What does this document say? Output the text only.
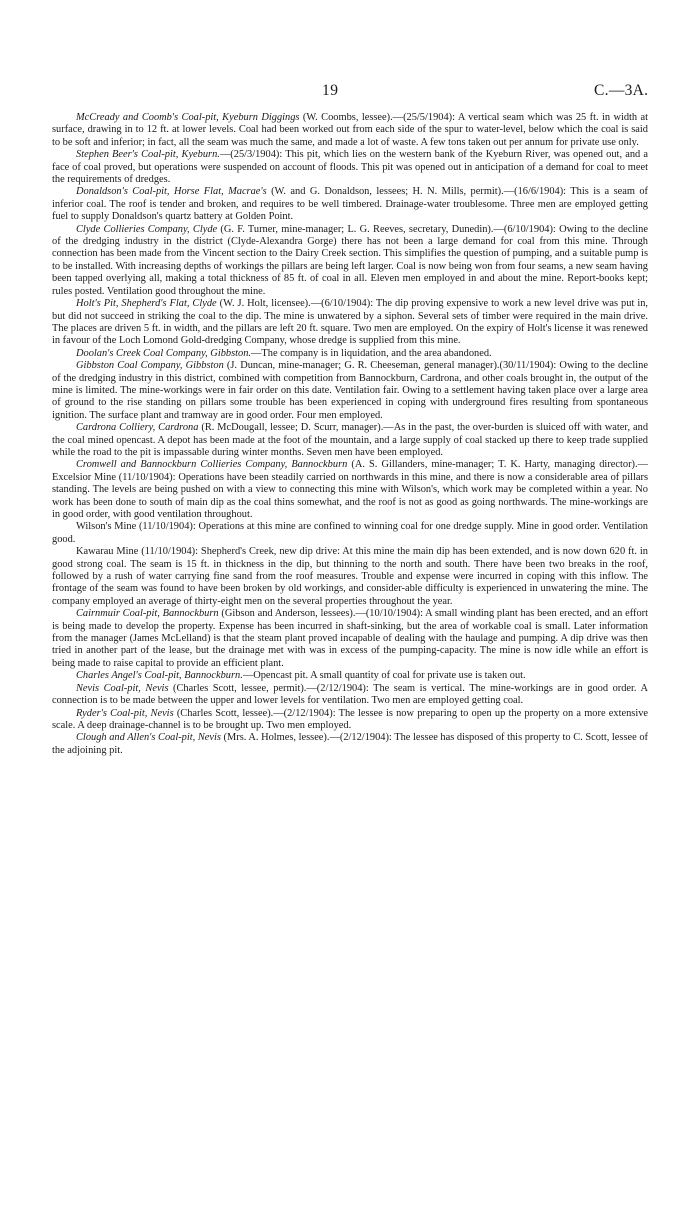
19	C.—3A.

McCready and Coomb's Coal-pit, Kyeburn Diggings (W. Coombs, lessee).—(25/5/1904): A vertical seam which was 25 ft. in width at surface, drawing in to 12 ft. at lower levels. Coal had been worked out from each side of the spur to water-level, below which the coal is said to be soft and inferior; in fact, all the seam was much the same, and made a lot of waste. A few tons taken out per annum for private use only.

Stephen Beer's Coal-pit, Kyeburn.—(25/3/1904): This pit, which lies on the western bank of the Kyeburn River, was opened out, and a face of coal proved, but operations were suspended on account of floods. This pit was opened out in anticipation of a demand for coal to meet the requirements of dredges.

Donaldson's Coal-pit, Horse Flat, Macrae's (W. and G. Donaldson, lessees; H. N. Mills, permit).—(16/6/1904): This is a seam of inferior coal. The roof is tender and broken, and requires to be well timbered. Drainage-water troublesome. Three men are employed getting fuel to supply Donaldson's quartz battery at Golden Point.

Clyde Collieries Company, Clyde (G. F. Turner, mine-manager; L. G. Reeves, secretary, Dunedin).—(6/10/1904): Owing to the decline of the dredging industry in the district (Clyde-Alexandra Gorge) there has not been a large demand for coal from this mine. Through connection has been made from the Vincent section to the Dairy Creek section. This simplifies the question of pumping, and a suitable pump is to be installed. With increasing depths of workings the pillars are being left larger. Coal is now being won from four seams, a new seam having been tapped overlying all, making a total thickness of 85 ft. of coal in all. Eleven men employed in and about the mine. Report-books kept; rules posted. Ventilation good throughout the mine.

Holt's Pit, Shepherd's Flat, Clyde (W. J. Holt, licensee).—(6/10/1904): The dip proving expensive to work a new level drive was put in, but did not succeed in striking the coal to the dip. The mine is unwatered by a siphon. Several sets of timber were required in the main drive. The places are driven 5 ft. in width, and the pillars are left 20 ft. square. Two men are employed. On the expiry of Holt's license it was renewed in favour of the Loch Lomond Gold-dredging Company, whose dredge is supplied from this mine.

Doolan's Creek Coal Company, Gibbston.—The company is in liquidation, and the area abandoned.

Gibbston Coal Company, Gibbston (J. Duncan, mine-manager; G. R. Cheeseman, general manager).(30/11/1904): Owing to the decline of the dredging industry in this district, combined with competition from Bannockburn, Cardrona, and other coals brought in, the output of the mine is limited. The mine-workings were in fair order on this date. Ventilation fair. Owing to a settlement having taken place over a large area of ground to the rise standing on pillars some trouble has been experienced in coping with underground fires resulting from spontaneous ignition. The surface plant and tramway are in good order. Four men employed.

Cardrona Colliery, Cardrona (R. McDougall, lessee; D. Scurr, manager).—As in the past, the over-burden is sluiced off with water, and the coal mined opencast. A depot has been made at the foot of the mountain, and a large supply of coal stacked up there to keep trade supplied while the road to the pit is impassable during winter months. Seven men have been employed.

Cromwell and Bannockburn Collieries Company, Bannockburn (A. S. Gillanders, mine-manager; T. K. Harty, managing director).—Excelsior Mine (11/10/1904): Operations have been steadily carried on northwards in this mine, and there is now a considerable area of pillars standing. The levels are being pushed on with a view to connecting this mine with Wilson's, which work may be completed within a year. No work has been done to south of main dip as the coal thins somewhat, and the roof is not as good as going northwards. The mine-workings are in good order, with good ventilation throughout.

Wilson's Mine (11/10/1904): Operations at this mine are confined to winning coal for one dredge supply. Mine in good order. Ventilation good.

Kawarau Mine (11/10/1904): Shepherd's Creek, new dip drive: At this mine the main dip has been extended, and is now down 620 ft. in good strong coal. The seam is 15 ft. in thickness in the dip, but thinning to the north and south. There have been two breaks in the roof, followed by a rush of water carrying fine sand from the roof measures. Trouble and expense were incurred in coping with this inflow. The frontage of the seam was found to have been broken by old workings, and consider-able difficulty is experienced in unwatering the mine. The company employed an average of thirty-eight men on the several properties throughout the year.

Cairnmuir Coal-pit, Bannockburn (Gibson and Anderson, lessees).—(10/10/1904): A small winding plant has been erected, and an effort is being made to develop the property. Expense has been incurred in shaft-sinking, but the area of workable coal is small. Later information from the manager (James McLelland) is that the steam plant proved incapable of dealing with the haulage and pumping. A dip drive was then tried in another part of the lease, but the drainage met with was in excess of the pumping-capacity. The mine is now idle while an effort is being made to raise capital to provide an efficient plant.

Charles Angel's Coal-pit, Bannockburn.—Opencast pit. A small quantity of coal for private use is taken out.

Nevis Coal-pit, Nevis (Charles Scott, lessee, permit).—(2/12/1904): The seam is vertical. The mine-workings are in good order. A connection is to be made between the upper and lower levels for ventilation. Two men are employed getting coal.

Ryder's Coal-pit, Nevis (Charles Scott, lessee).—(2/12/1904): The lessee is now preparing to open up the property on a more extensive scale. A deep drainage-channel is to be brought up. Two men employed.

Clough and Allen's Coal-pit, Nevis (Mrs. A. Holmes, lessee).—(2/12/1904): The lessee has disposed of this property to C. Scott, lessee of the adjoining pit.
